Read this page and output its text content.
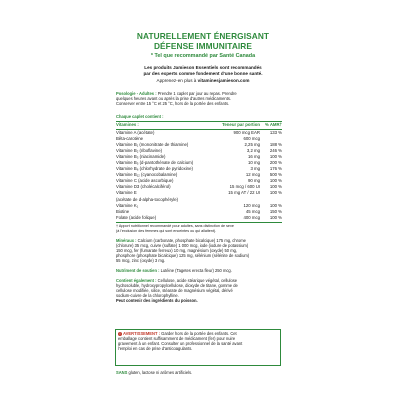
NATURELLEMENT ÉNERGISANT
DÉFENSE IMMUNITAIRE
* Tel que recommandé par Santé Canada
Les produits Jamieson Essentiels sont recommandés
par des experts comme fondement d'une bonne santé.
Apprenez-en plus à vitaminesjamieson.com
Posologie - Adultes : Prendre 1 caplet par jour au repas. Prendre
quelques heures avant ou après la prise d'autres médicaments.
Conserver entre 15 °C et 25 °C, hors de la portée des enfants.
Chaque caplet contient :
Vitamines :	Teneur par portion	% AMR†
Vitamine A (acétate)	900 mcg EAR	133 %
Bêta-carotène	600 mcg
Vitamine B₁ (mononitrate de thiamine)	2,25 mg	188 %
Vitamine B₂ (riboflavine)	3,2 mg	246 %
Vitamine B₃ (niacinamide)	16 mg	100 %
Vitamine B₅ (d-pantothénate de calcium)	10 mg	200 %
Vitamine B₆ (chlorhydrate de pyridoxine)	3 mg	176 %
Vitamine B₁₂ (cyanocobalamine)	12 mcg	500 %
Vitamine C (acide ascorbique)	90 mg	100 %
Vitamine D3 (cholécalciférol)	15 mcg / 600 UI	100 %
Vitamine E	15 mg AT / 22 UI	100 %
(acétate de d-alpha-tocophéryle)
Vitamine K₁	120 mcg	100 %
Biotine	45 mcg	150 %
Folate (acide folique)	400 mcg	100 %
† Apport nutritionnel recommandé pour adultes, sans distinction de sexe
(à l'exclusion des femmes qui sont enceintes ou qui allaitent).
Minéraux : Calcium (carbonate, phosphate bicalcique) 175 mg, chrome
(chlorure) 35 mcg, cuivre (sulfate) 1 000 mcg, iode (iodure de potassium)
150 mcg, fer (fumarate ferreux) 10 mg, magnésium (oxyde) 50 mg,
phosphore (phosphate bicalcique) 125 mg, sélénium (sélénite de sodium)
55 mcg, zinc (oxyde) 3 mg.
Nutriment de soutien : Lutéine (Tagetes erecta fleur) 250 mcg.
Contient également : Cellulose, acide stéarique végétal, cellulose
hydrosoluble, hydroxypropylcellulose, dioxyde de titane, gomme de
cellulose modifiée, silice, stéarate de magnésium végétal, dérivé
sodium-cuivre de la chlorophylline.
Peut contenir des ingrédients du poisson.
! AVERTISSEMENT : Garder hors de la portée des enfants. Cet
emballage contient suffisamment de médicament (fer) pour nuire
gravement à un enfant. Consulter un professionnel de la santé avant
l'emploi en cas de prise d'anticoagulants.
SANS gluten, lactose ni arômes artificiels.
